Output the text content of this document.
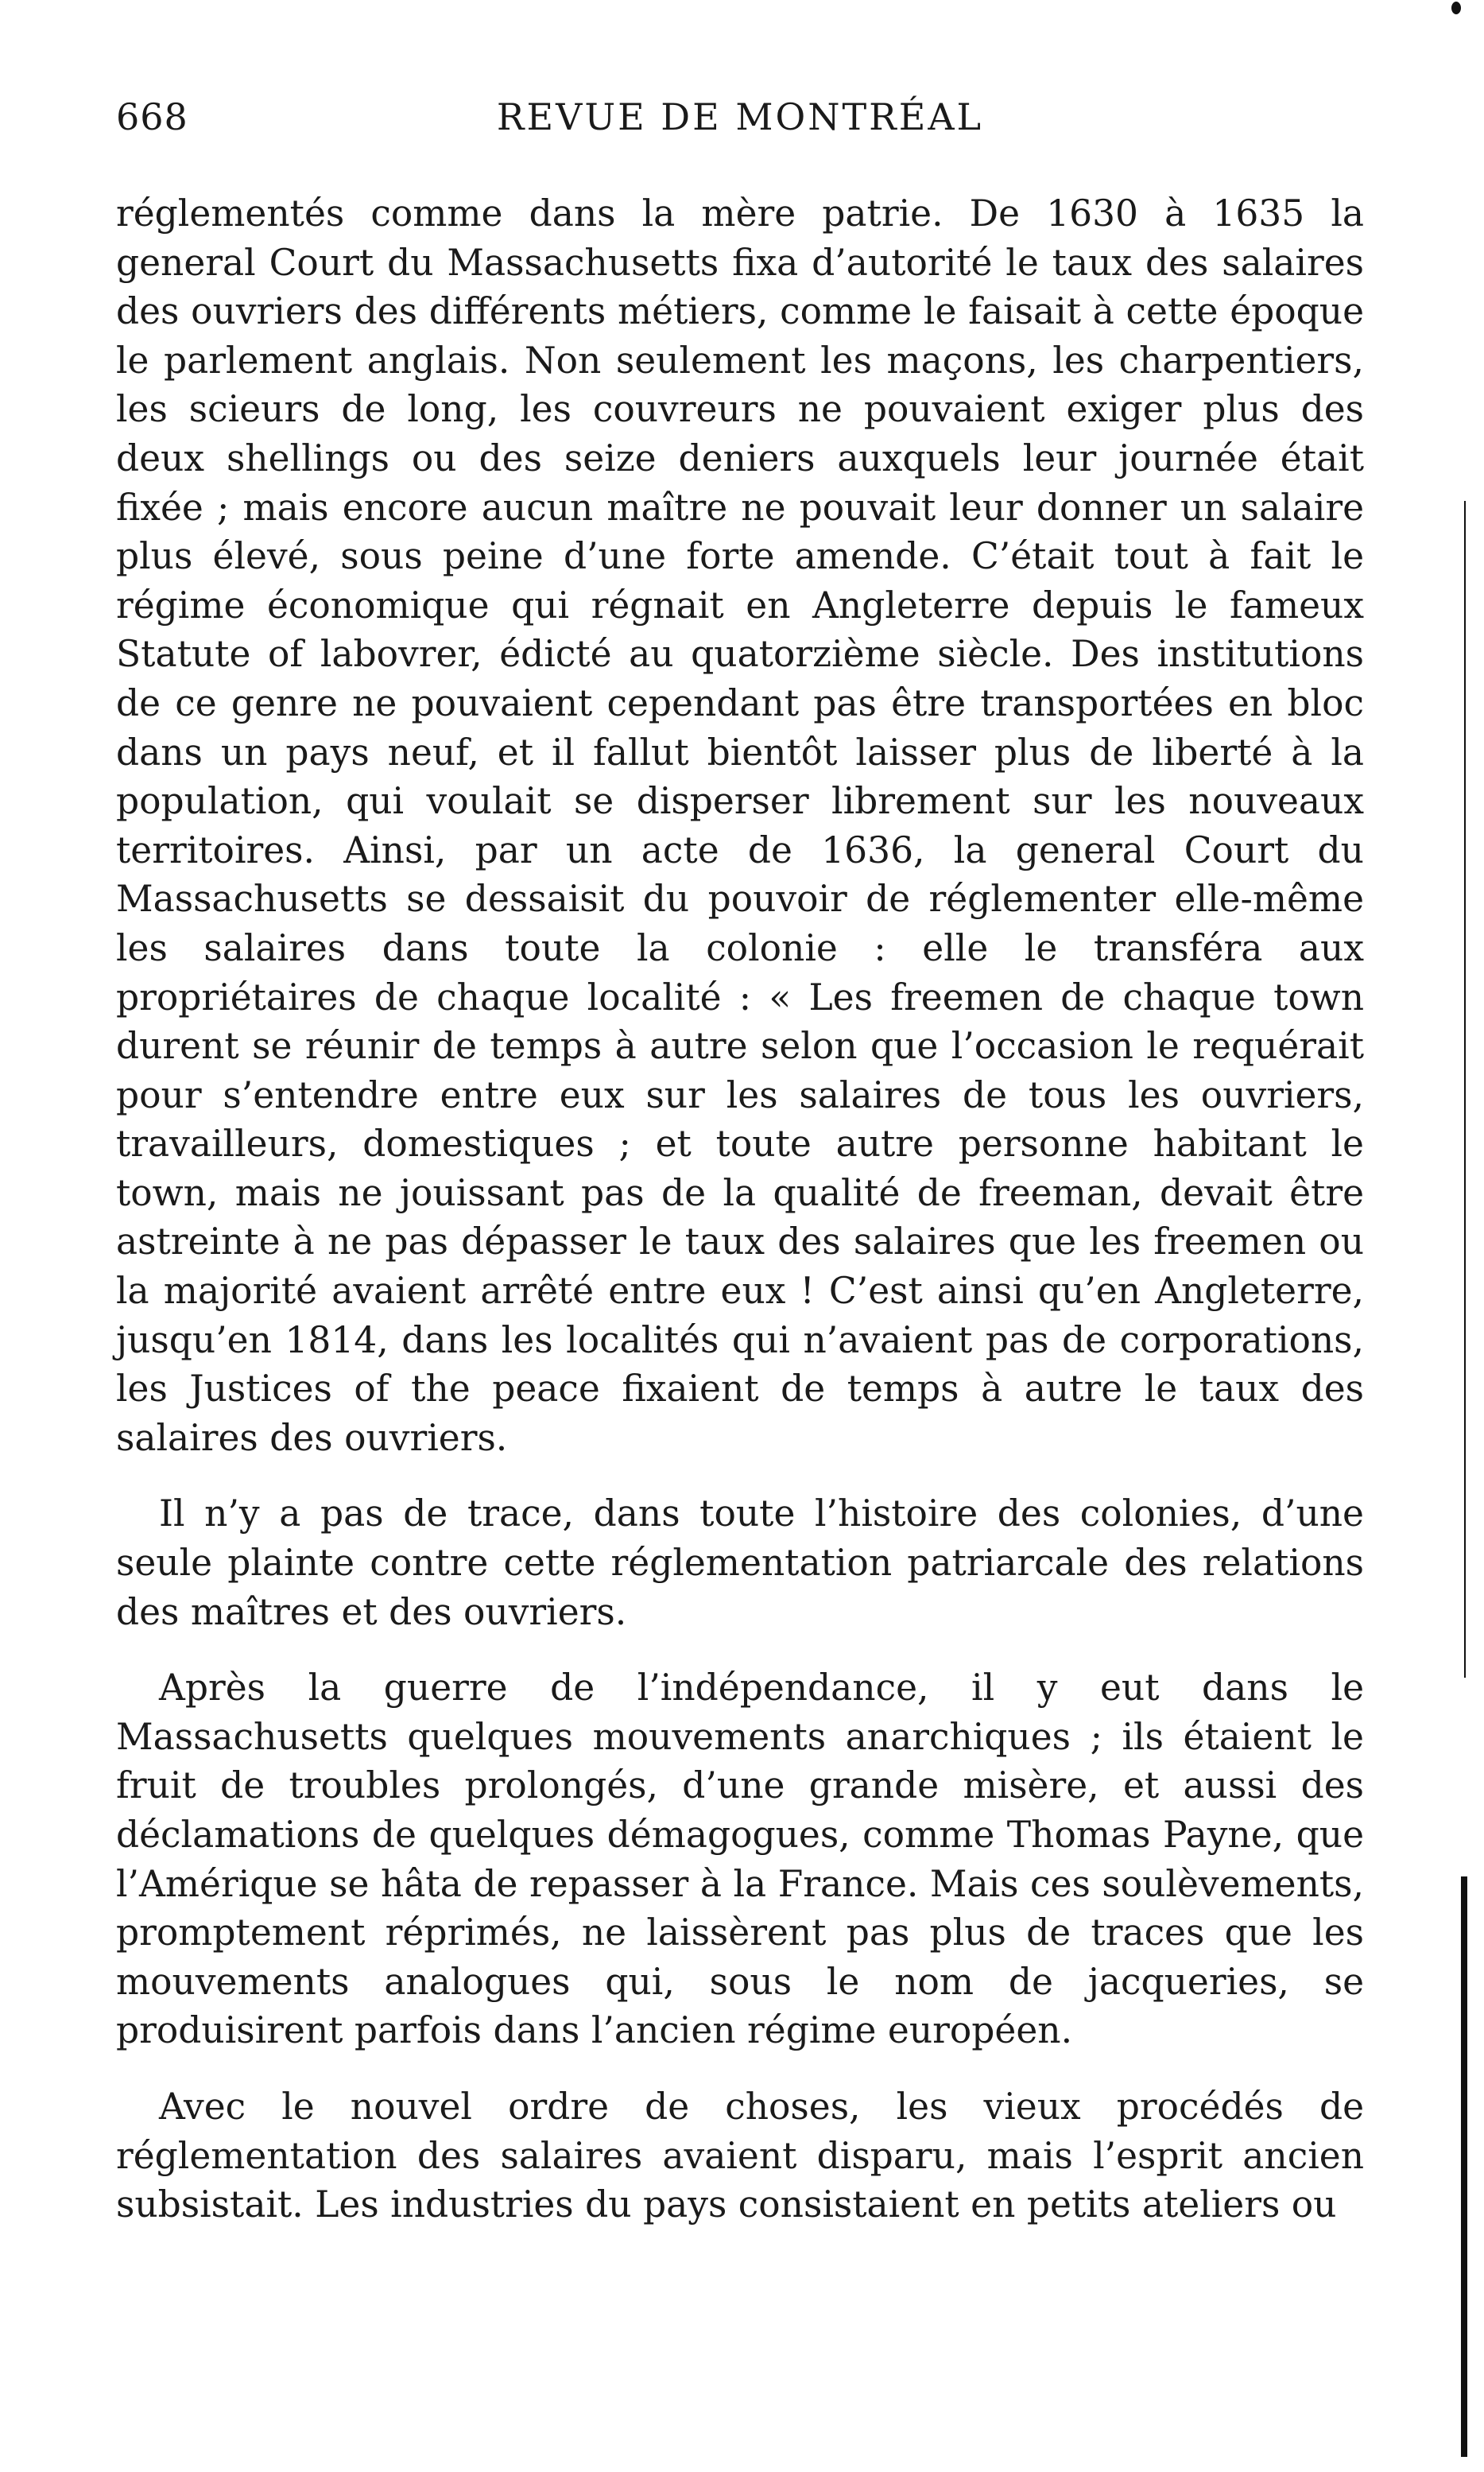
668	REVUE DE MONTRÉAL

réglementés comme dans la mère patrie. De 1630 à 1635 la general Court du Massachusetts fixa d’autorité le taux des salaires des ouvriers des différents métiers, comme le faisait à cette époque le parlement anglais. Non seulement les maçons, les charpentiers, les scieurs de long, les couvreurs ne pouvaient exiger plus des deux shellings ou des seize deniers auxquels leur journée était fixée ; mais encore aucun maître ne pouvait leur donner un salaire plus élevé, sous peine d’une forte amende. C’était tout à fait le régime économique qui régnait en Angleterre depuis le fameux Statute of labovrer, édicté au quatorzième siècle. Des institutions de ce genre ne pouvaient cependant pas être transportées en bloc dans un pays neuf, et il fallut bientôt laisser plus de liberté à la population, qui voulait se disperser librement sur les nouveaux territoires. Ainsi, par un acte de 1636, la general Court du Massachusetts se dessaisit du pouvoir de réglementer elle-même les salaires dans toute la colonie : elle le transféra aux propriétaires de chaque localité : « Les freemen de chaque town durent se réunir de temps à autre selon que l’occasion le requérait pour s’entendre entre eux sur les salaires de tous les ouvriers, travailleurs, domestiques ; et toute autre personne habitant le town, mais ne jouissant pas de la qualité de freeman, devait être astreinte à ne pas dépasser le taux des salaires que les freemen ou la majorité avaient arrêté entre eux ! C’est ainsi qu’en Angleterre, jusqu’en 1814, dans les localités qui n’avaient pas de corporations, les Justices of the peace fixaient de temps à autre le taux des salaires des ouvriers.

Il n’y a pas de trace, dans toute l’histoire des colonies, d’une seule plainte contre cette réglementation patriarcale des relations des maîtres et des ouvriers.

Après la guerre de l’indépendance, il y eut dans le Massachusetts quelques mouvements anarchiques ; ils étaient le fruit de troubles prolongés, d’une grande misère, et aussi des déclamations de quelques démagogues, comme Thomas Payne, que l’Amérique se hâta de repasser à la France. Mais ces soulèvements, promptement réprimés, ne laissèrent pas plus de traces que les mouvements analogues qui, sous le nom de jacqueries, se produisirent parfois dans l’ancien régime européen.

Avec le nouvel ordre de choses, les vieux procédés de réglementation des salaires avaient disparu, mais l’esprit ancien subsistait. Les industries du pays consistaient en petits ateliers ou
